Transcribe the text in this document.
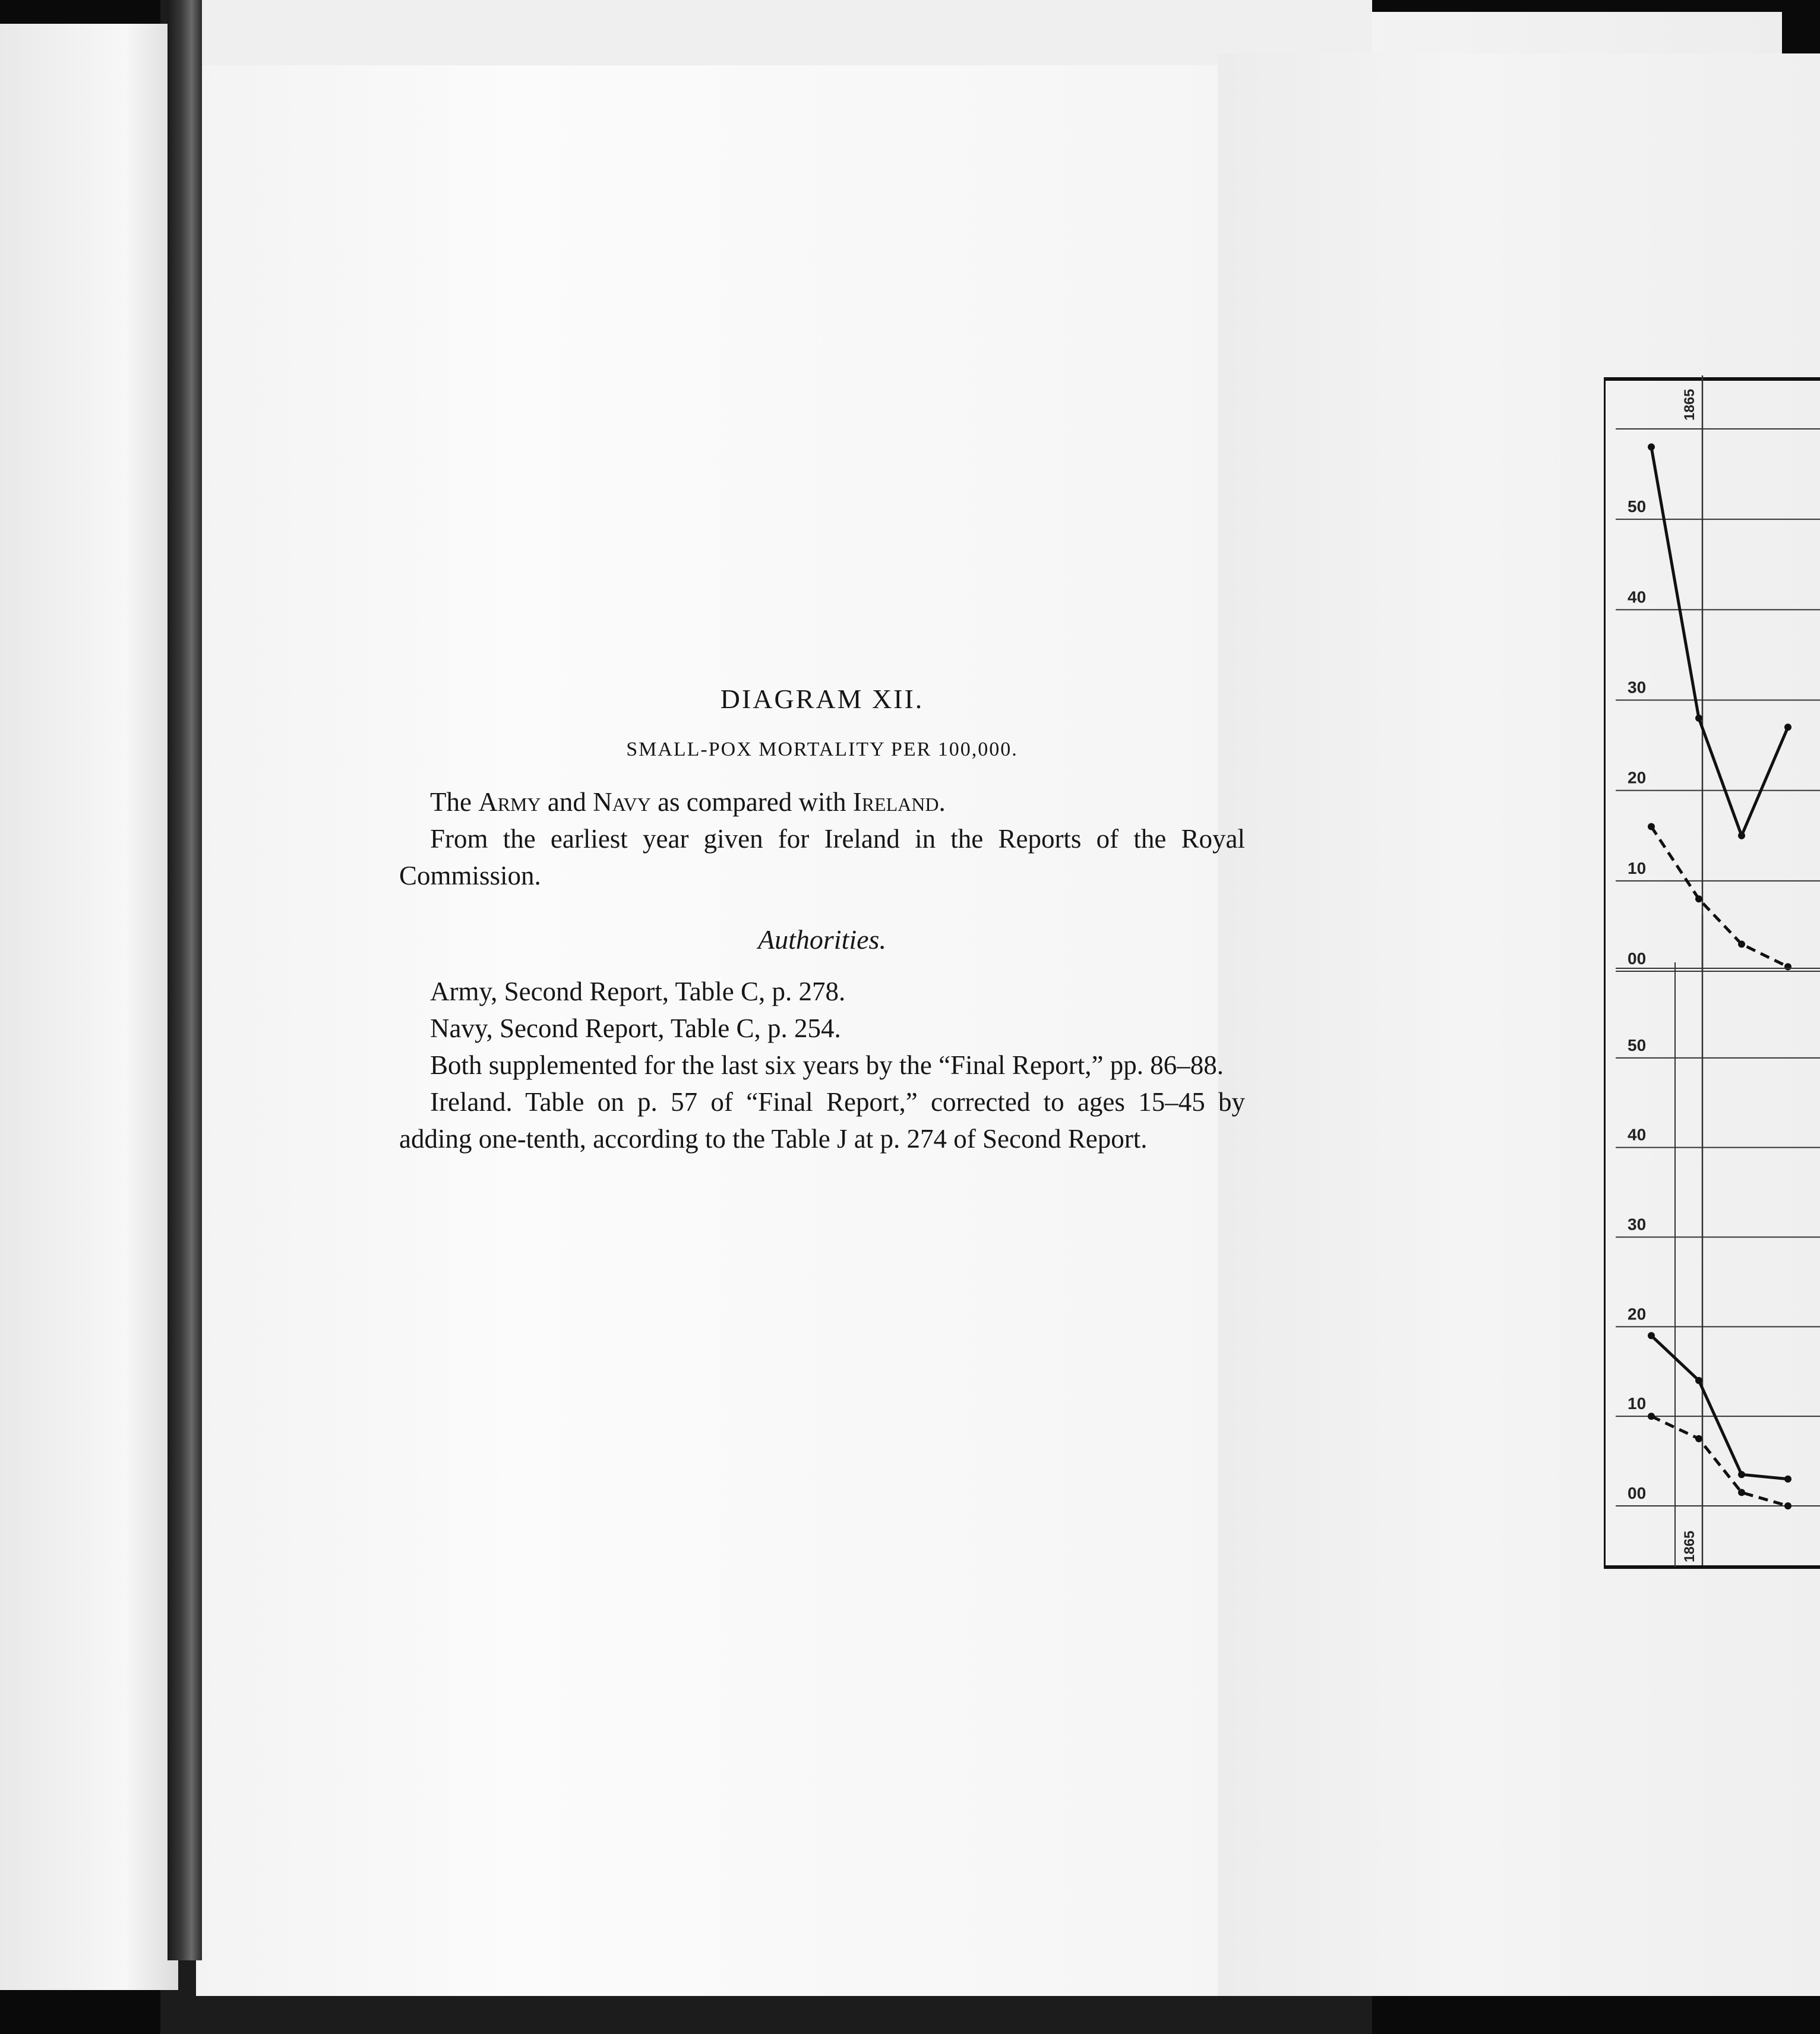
DIAGRAM XII.
SMALL-POX MORTALITY PER 100,000.

The Army and Navy as compared with Ireland.

From the earliest year given for Ireland in the Reports of the Royal Commission.

Authorities.

Army, Second Report, Table C, p. 278.

Navy, Second Report, Table C, p. 254.

Both supplemented for the last six years by the “Final Report,” pp. 86–88.

Ireland. Table on p. 57 of “Final Report,” corrected to ages 15–45 by adding one-tenth, according to the Table J at p. 274 of Second Report.

50
40
30
20
10
00
1865
50
40
30
20
10
00
1865
